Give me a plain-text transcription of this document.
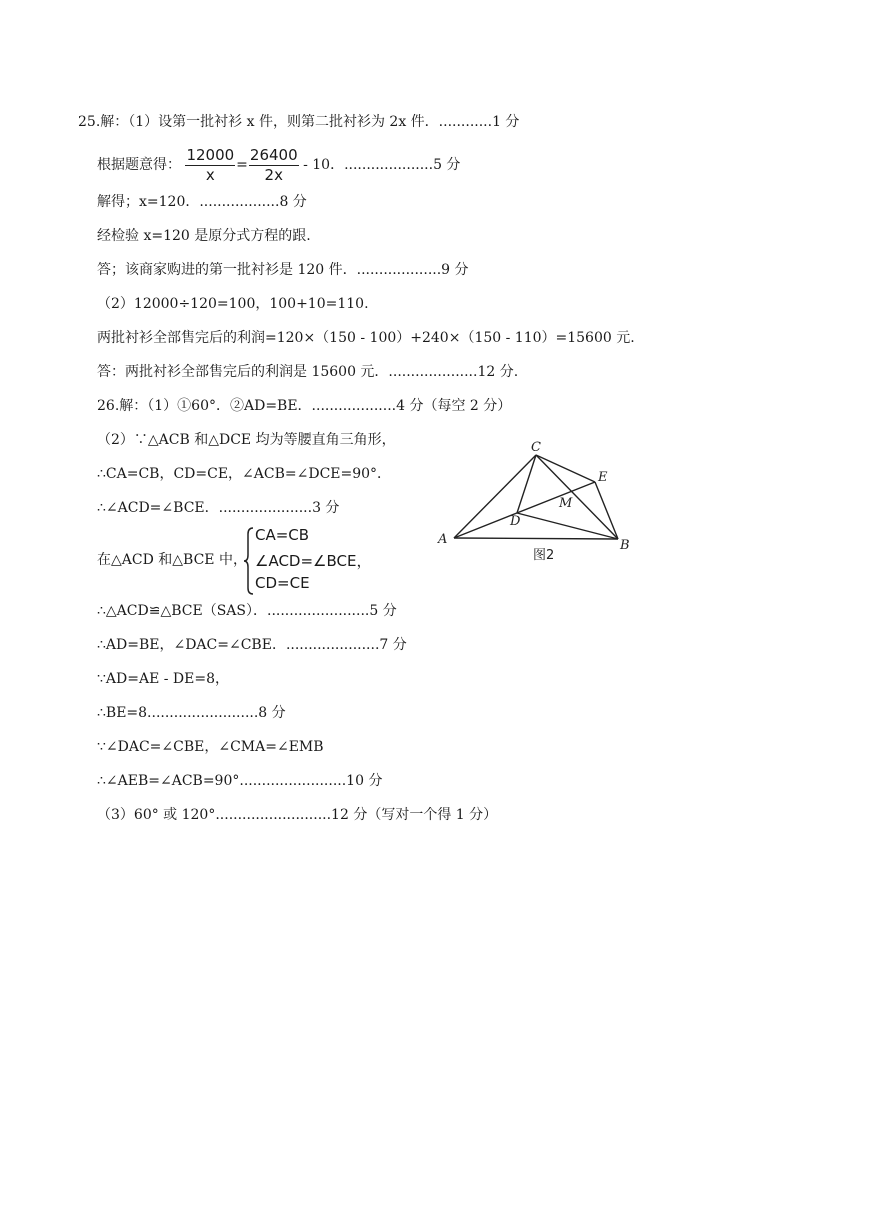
25.解：（1）设第一批衬衫 x 件，则第二批衬衫为 2x 件．............1 分
根据题意得： $\frac{12000}{x} = \frac{26400}{2x} - 10$．....................5 分
解得；x=120．..................8 分
经检验 x=120 是原分式方程的跟.
答；该商家购进的第一批衬衫是 120 件．...................9 分
（2）12000÷120=100，100+10=110.
两批衬衫全部售完后的利润=120×（150 - 100）+240×（150 - 110）=15600 元.
答：两批衬衫全部售完后的利润是 15600 元．....................12 分.
26.解：（1）①60°．②AD=BE．...................4 分（每空 2 分）
（2）∵△ACB 和△DCE 均为等腰直角三角形，
∴CA=CB，CD=CE，∠ACB=∠DCE=90°．
∴∠ACD=∠BCE．.....................3 分
在△ACD 和△BCE 中，
CA=CB
∠ACD=∠BCE，
CD=CE
∴△ACD≌△BCE（SAS）．.......................5 分
∴AD=BE，∠DAC=∠CBE．.....................7 分
∵AD=AE - DE=8，
∴BE=8.........................8 分
∵∠DAC=∠CBE，∠CMA=∠EMB
∴∠AEB=∠ACB=90°........................10 分
（3）60° 或 120°..........................12 分（写对一个得 1 分）
A	B
C
D
E
M
图2
